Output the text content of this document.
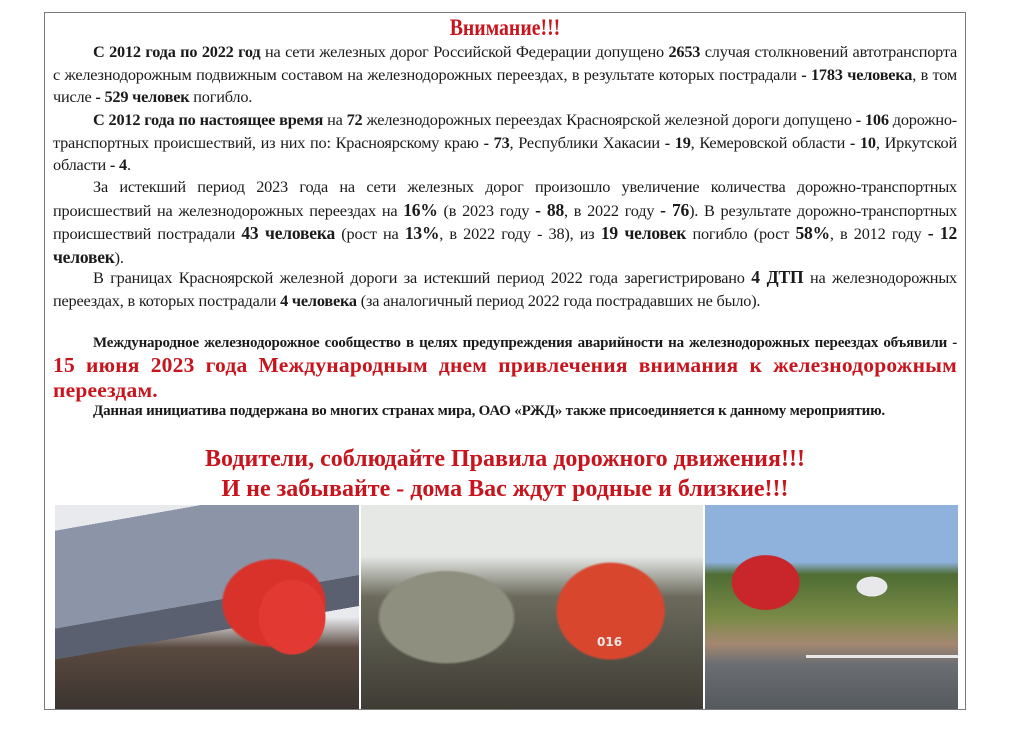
Внимание!!!
С 2012 года по 2022 год на сети железных дорог Российской Федерации допущено 2653 случая столкновений автотранспорта с железнодорожным подвижным составом на железнодорожных переездах, в результате которых пострадали - 1783 человека, в том числе - 529 человек погибло.
С 2012 года по настоящее время на 72 железнодорожных переездах Красноярской железной дороги допущено - 106 дорожно-транспортных происшествий, из них по: Красноярскому краю - 73, Республики Хакасии - 19, Кемеровской области - 10, Иркутской области - 4.
За истекший период 2023 года на сети железных дорог произошло увеличение количества дорожно-транспортных происшествий на железнодорожных переездах на 16% (в 2023 году - 88, в 2022 году - 76). В результате дорожно-транспортных происшествий пострадали 43 человека (рост на 13%, в 2022 году - 38), из 19 человек погибло (рост 58%, в 2012 году - 12 человек).
В границах Красноярской железной дороги за истекший период 2022 года зарегистрировано 4 ДТП на железнодорожных переездах, в которых пострадали 4 человека (за аналогичный период 2022 года пострадавших не было).
Международное железнодорожное сообщество в целях предупреждения аварийности на железнодорожных переездах объявили - 15 июня 2023 года Международным днем привлечения внимания к железнодорожным переездам.
Данная инициатива поддержана во многих странах мира, ОАО «РЖД» также присоединяется к данному мероприятию.
Водители, соблюдайте Правила дорожного движения!!!
И не забывайте - дома Вас ждут родные и близкие!!!
016
